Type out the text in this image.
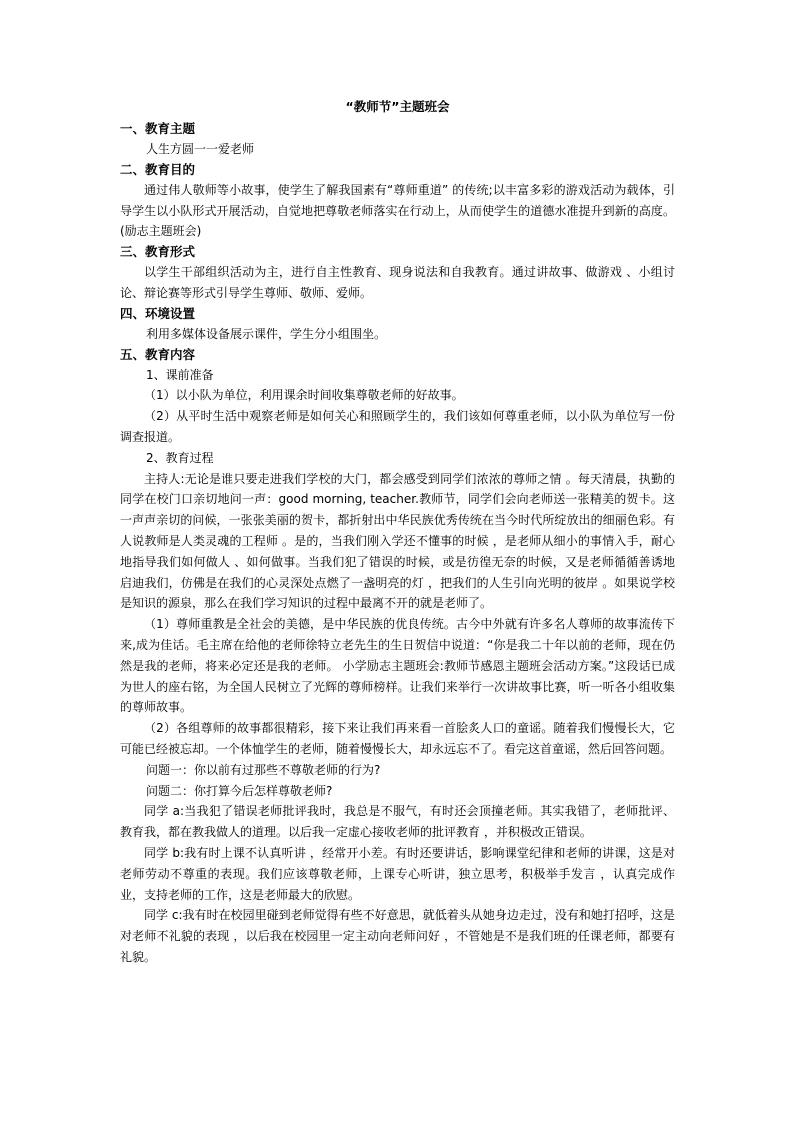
“教师节”主题班会
一、教育主题
人生方圆一一爱老师
二、教育目的

通过伟人敬师等小故事，使学生了解我国素有“尊师重道” 的传统;以丰富多彩的游戏活动为载体，引导学生以小队形式开展活动，自觉地把尊敬老师落实在行动上，从而使学生的道德水准提升到新的高度。(励志主题班会)

三、教育形式

以学生干部组织活动为主，进行自主性教育、现身说法和自我教育。通过讲故事、做游戏 、小组讨论、辩论赛等形式引导学生尊师、敬师、爱师。

四、环境设置
利用多媒体设备展示课件，学生分小组围坐。
五、教育内容
1、课前准备

（1）以小队为单位，利用课余时间收集尊敬老师的好故事。

（2）从平时生活中观察老师是如何关心和照顾学生的，我们该如何尊重老师，以小队为单位写一份调查报道。

2、教育过程

主持人:无论是谁只要走进我们学校的大门，都会感受到同学们浓浓的尊师之情 。每天清晨，执勤的同学在校门口亲切地问一声：good morning, teacher.教师节，同学们会向老师送一张精美的贺卡。这一声声亲切的问候，一张张美丽的贺卡，都折射出中华民族优秀传统在当今时代所绽放出的细丽色彩。有人说教师是人类灵魂的工程师 。是的，当我们刚入学还不懂事的时候 ，是老师从细小的事情入手，耐心地指导我们如何做人 、如何做事。当我们犯了错误的时候，或是彷徨无奈的时候，又是老师循循善诱地启迪我们，仿佛是在我们的心灵深处点燃了一盏明亮的灯 ，把我们的人生引向光明的彼岸 。如果说学校是知识的源泉，那么在我们学习知识的过程中最离不开的就是老师了。

（1）尊师重教是全社会的美德，是中华民族的优良传统。古今中外就有许多名人尊师的故事流传下来,成为佳话。毛主席在给他的老师徐特立老先生的生日贺信中说道：“你是我二十年以前的老师，现在仍然是我的老师，将来必定还是我的老师。 小学励志主题班会:教师节感恩主题班会活动方案。”这段话已成为世人的座右铭，为全国人民树立了光辉的尊师榜样。让我们来举行一次讲故事比赛，听一听各小组收集的尊师故事。

（2）各组尊师的故事都很精彩，接下来让我们再来看一首脍炙人口的童谣。随着我们慢慢长大，它可能已经被忘却。一个体恤学生的老师，随着慢慢长大，却永远忘不了。看完这首童谣，然后回答问题。

问题一：你以前有过那些不尊敬老师的行为?
问题二：你打算今后怎样尊敬老师?

同学 a:当我犯了错误老师批评我时，我总是不服气，有时还会顶撞老师。其实我错了，老师批评、教育我，都在教我做人的道理。以后我一定虚心接收老师的批评教育 ，并积极改正错误。

同学 b:我有时上课不认真听讲 ，经常开小差。有时还要讲话，影响课堂纪律和老师的讲课，这是对老师劳动不尊重的表现。我们应该尊敬老师，上课专心听讲，独立思考，积极举手发言 ，认真完成作业，支持老师的工作，这是老师最大的欣慰。

同学 c:我有时在校园里碰到老师觉得有些不好意思，就低着头从她身边走过，没有和她打招呼，这是对老师不礼貌的表现 ，以后我在校园里一定主动向老师问好 ，不管她是不是我们班的任课老师，都要有礼貌。
